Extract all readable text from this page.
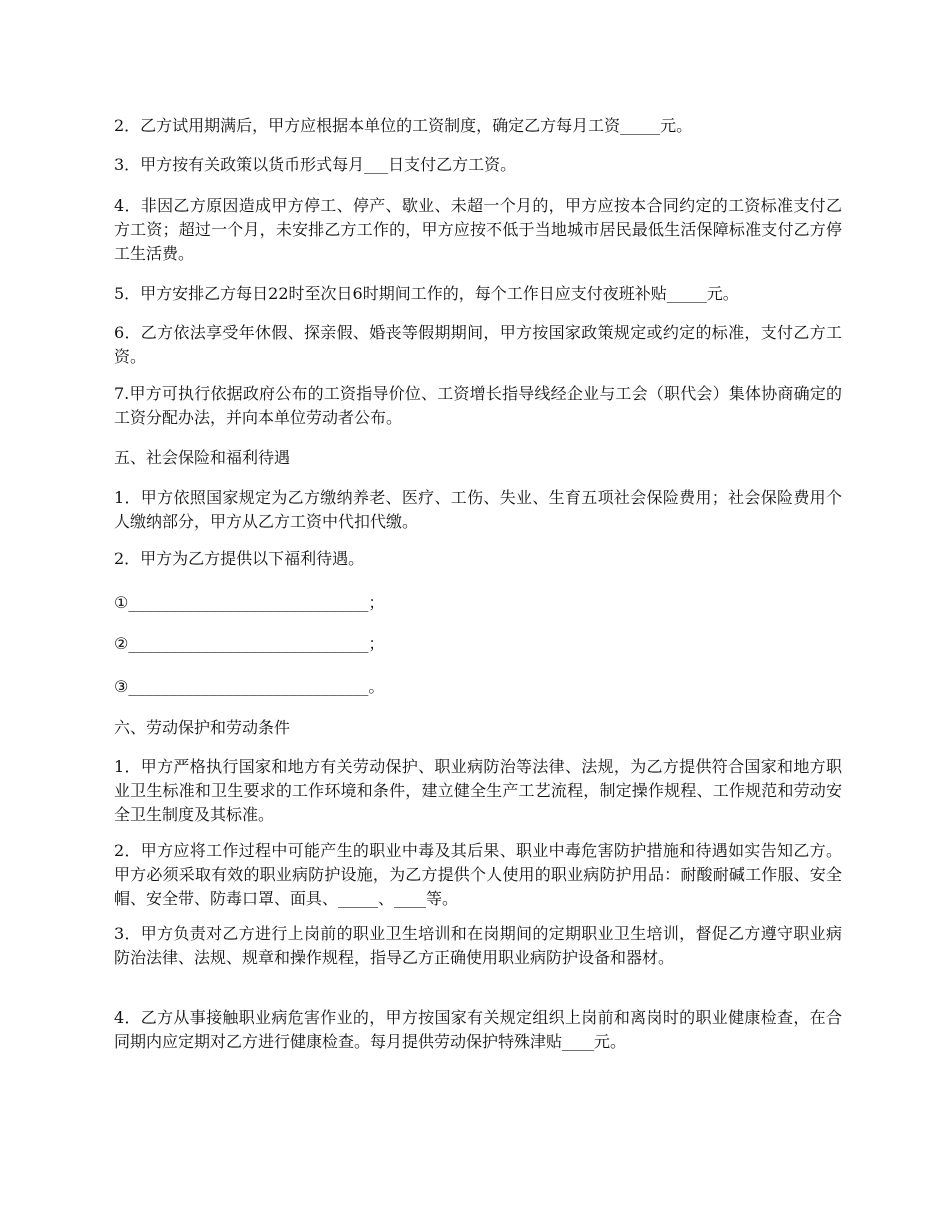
2．乙方试用期满后，甲方应根据本单位的工资制度，确定乙方每月工资_____元。

3．甲方按有关政策以货币形式每月___日支付乙方工资。

4．非因乙方原因造成甲方停工、停产、歇业、未超一个月的，甲方应按本合同约定的工资标准支付乙方工资；超过一个月，未安排乙方工作的，甲方应按不低于当地城市居民最低生活保障标准支付乙方停工生活费。

5．甲方安排乙方每日22时至次日6时期间工作的，每个工作日应支付夜班补贴_____元。

6．乙方依法享受年休假、探亲假、婚丧等假期期间，甲方按国家政策规定或约定的标准，支付乙方工资。

7.甲方可执行依据政府公布的工资指导价位、工资增长指导线经企业与工会（职代会）集体协商确定的工资分配办法，并向本单位劳动者公布。

五、社会保险和福利待遇

1．甲方依照国家规定为乙方缴纳养老、医疗、工伤、失业、生育五项社会保险费用；社会保险费用个人缴纳部分，甲方从乙方工资中代扣代缴。

2．甲方为乙方提供以下福利待遇。

①______________________________；

②______________________________；

③______________________________。

六、劳动保护和劳动条件

1．甲方严格执行国家和地方有关劳动保护、职业病防治等法律、法规，为乙方提供符合国家和地方职业卫生标准和卫生要求的工作环境和条件，建立健全生产工艺流程，制定操作规程、工作规范和劳动安全卫生制度及其标准。

2．甲方应将工作过程中可能产生的职业中毒及其后果、职业中毒危害防护措施和待遇如实告知乙方。甲方必须采取有效的职业病防护设施，为乙方提供个人使用的职业病防护用品：耐酸耐碱工作服、安全帽、安全带、防毒口罩、面具、_____、____等。

3．甲方负责对乙方进行上岗前的职业卫生培训和在岗期间的定期职业卫生培训，督促乙方遵守职业病防治法律、法规、规章和操作规程，指导乙方正确使用职业病防护设备和器材。

4．乙方从事接触职业病危害作业的，甲方按国家有关规定组织上岗前和离岗时的职业健康检查，在合同期内应定期对乙方进行健康检查。每月提供劳动保护特殊津贴____元。
